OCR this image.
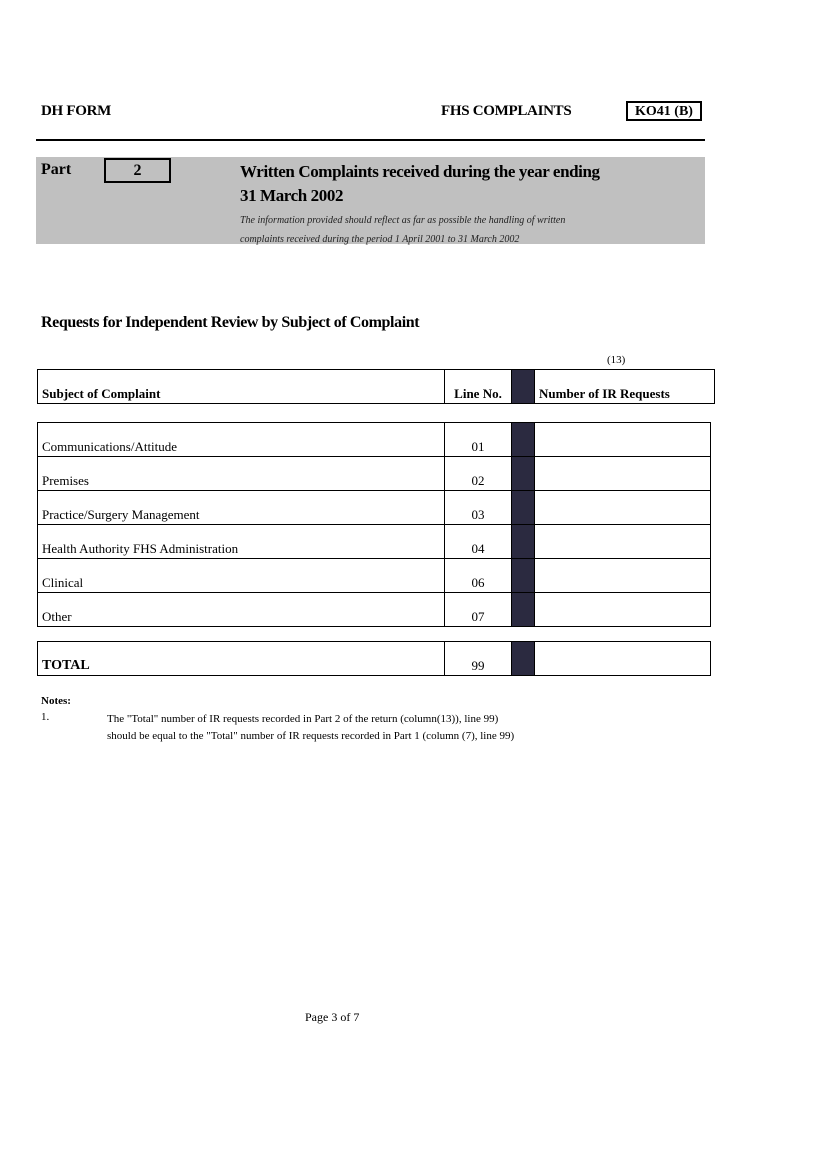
DH FORM	FHS COMPLAINTS	KO41 (B)
Part	2	Written Complaints received during the year ending
31 March 2002
The information provided should reflect as far as possible the handling of written
complaints received during the period 1 April 2001 to 31 March 2002
Requests for Independent Review by Subject of Complaint
(13)
Subject of Complaint	Line No.		Number of IR Requests
Communications/Attitude	01		
Premises	02		
Practice/Surgery Management	03		
Health Authority FHS Administration	04		
Clinical	06		
Other	07		
TOTAL	99		
Notes:
1.	The "Total" number of IR requests recorded in Part 2 of the return (column(13)), line 99)
should be equal to the "Total" number of IR requests recorded in Part 1 (column (7), line 99)
Page 3 of 7
